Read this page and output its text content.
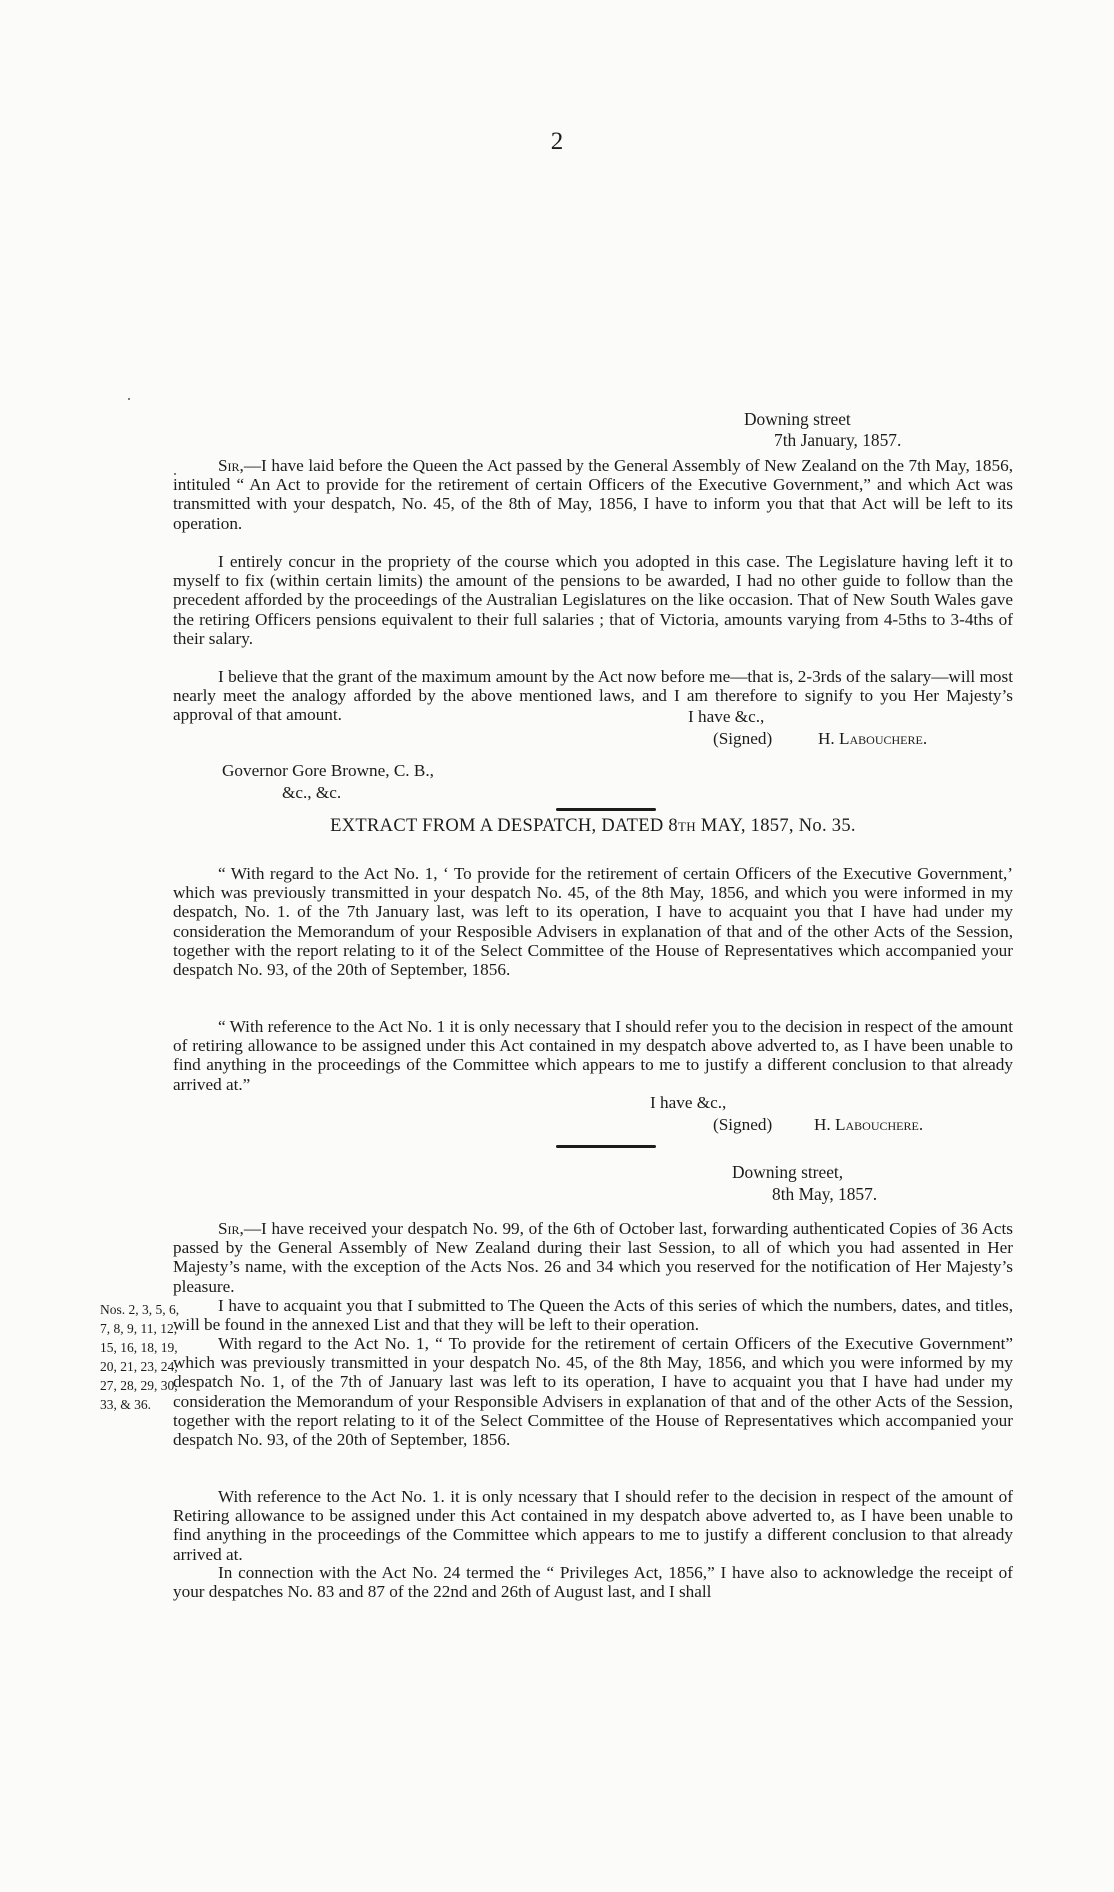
2
Downing street
7th January, 1857.

Sir,—I have laid before the Queen the Act passed by the General Assembly of New Zealand on the 7th May, 1856, intituled “ An Act to provide for the retirement of certain Officers of the Executive Government,” and which Act was transmitted with your despatch, No. 45, of the 8th of May, 1856, I have to inform you that that Act will be left to its operation.

I entirely concur in the propriety of the course which you adopted in this case. The Legislature having left it to myself to fix (within certain limits) the amount of the pensions to be awarded, I had no other guide to follow than the precedent afforded by the proceedings of the Australian Legislatures on the like occasion. That of New South Wales gave the retiring Officers pensions equivalent to their full salaries ; that of Victoria, amounts varying from 4-5ths to 3-4ths of their salary.

I believe that the grant of the maximum amount by the Act now before me—that is, 2-3rds of the salary—will most nearly meet the analogy afforded by the above mentioned laws, and I am therefore to signify to you Her Majesty’s approval of that amount.	I have &c.,
(Signed)	H. Labouchere.
Governor Gore Browne, C. B.,
&c., &c.
EXTRACT FROM A DESPATCH, DATED 8th MAY, 1857, No. 35.

“ With regard to the Act No. 1, ‘ To provide for the retirement of certain Officers of the Executive Government,’ which was previously transmitted in your despatch No. 45, of the 8th May, 1856, and which you were informed in my despatch, No. 1. of the 7th January last, was left to its operation, I have to acquaint you that I have had under my consideration the Memorandum of your Resposible Advisers in explanation of that and of the other Acts of the Session, together with the report relating to it of the Select Committee of the House of Representatives which accompanied your despatch No. 93, of the 20th of September, 1856.

“ With reference to the Act No. 1 it is only necessary that I should refer you to the decision in respect of the amount of retiring allowance to be assigned under this Act contained in my despatch above adverted to, as I have been unable to find anything in the proceedings of the Committee which appears to me to justify a different conclusion to that already arrived at.”

I have &c.,
(Signed) H. Labouchere.
Downing street,
8th May, 1857.

Sir,—I have received your despatch No. 99, of the 6th of October last, forwarding authenticated Copies of 36 Acts passed by the General Assembly of New Zealand during their last Session, to all of which you had assented in Her Majesty’s name, with the exception of the Acts Nos. 26 and 34 which you reserved for the notification of Her Majesty’s pleasure.

I have to acquaint you that I submitted to The Queen the Acts of this series of which the numbers, dates, and titles, will be found in the annexed List and that they will be left to their operation.

Nos. 2, 3, 5, 6,
7, 8, 9, 11, 12,
15, 16, 18, 19,
20, 21, 23, 24,
27, 28, 29, 30,
33, & 36.

With regard to the Act No. 1, “ To provide for the retirement of certain Officers of the Executive Government” which was previously transmitted in your despatch No. 45, of the 8th May, 1856, and which you were informed by my despatch No. 1, of the 7th of January last was left to its operation, I have to acquaint you that I have had under my consideration the Memorandum of your Responsible Advisers in explanation of that and of the other Acts of the Session, together with the report relating to it of the Select Committee of the House of Representatives which accompanied your despatch No. 93, of the 20th of September, 1856.

With reference to the Act No. 1. it is only ncessary that I should refer to the decision in respect of the amount of Retiring allowance to be assigned under this Act contained in my despatch above adverted to, as I have been unable to find anything in the proceedings of the Committee which appears to me to justify a different conclusion to that already arrived at.

In connection with the Act No. 24 termed the “ Privileges Act, 1856,” I have also to acknowledge the receipt of your despatches No. 83 and 87 of the 22nd and 26th of August last, and I shall
